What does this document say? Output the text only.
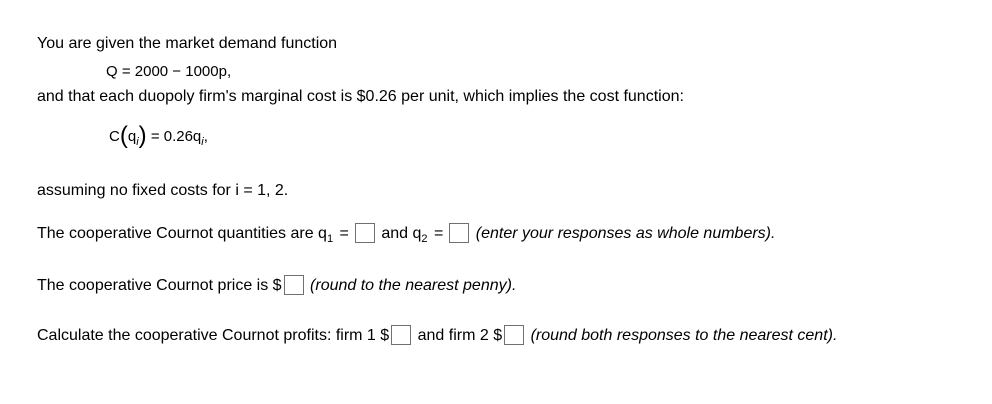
You are given the market demand function
Q = 2000 − 1000p,
and that each duopoly firm's marginal cost is $0.26 per unit, which implies the cost function:
$C(q_i) = 0.26q_i$,
assuming no fixed costs for i = 1, 2.
The cooperative Cournot quantities are $q_1$ = and $q_2$ = (enter your responses as whole numbers).
The cooperative Cournot price is $ (round to the nearest penny).
Calculate the cooperative Cournot profits: firm 1 $ and firm 2 $ (round both responses to the nearest cent).
